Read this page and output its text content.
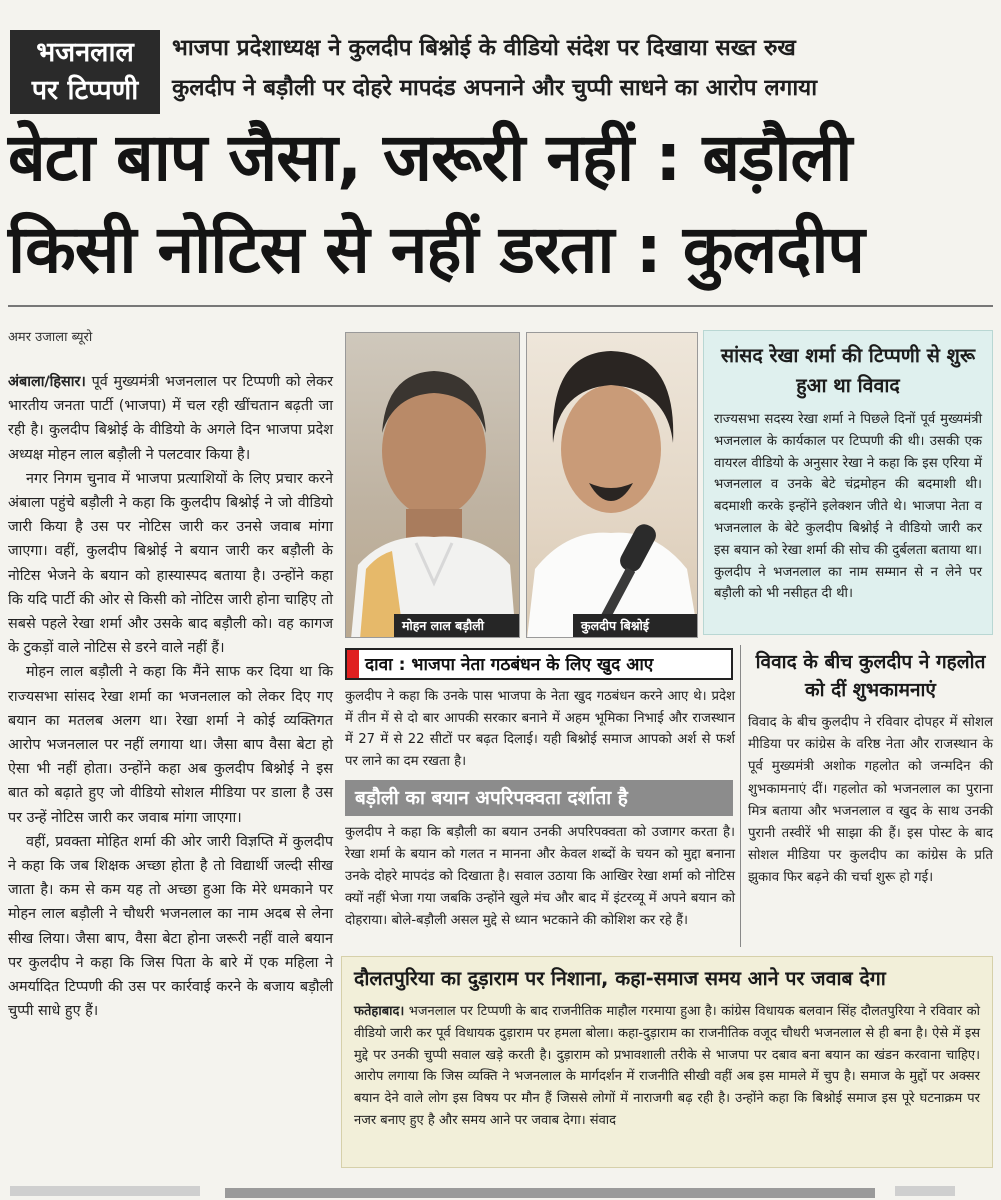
भजनलाल
पर टिप्पणी
भाजपा प्रदेशाध्यक्ष ने कुलदीप बिश्नोई के वीडियो संदेश पर दिखाया सख्त रुख
कुलदीप ने बड़ौली पर दोहरे मापदंड अपनाने और चुप्पी साधने का आरोप लगाया
बेटा बाप जैसा, जरूरी नहीं : बड़ौली
किसी नोटिस से नहीं डरता : कुलदीप
अमर उजाला ब्यूरो

अंबाला/हिसार। पूर्व मुख्यमंत्री भजनलाल पर टिप्पणी को लेकर भारतीय जनता पार्टी (भाजपा) में चल रही खींचतान बढ़ती जा रही है। कुलदीप बिश्नोई के वीडियो के अगले दिन भाजपा प्रदेश अध्यक्ष मोहन लाल बड़ौली ने पलटवार किया है।

नगर निगम चुनाव में भाजपा प्रत्याशियों के लिए प्रचार करने अंबाला पहुंचे बड़ौली ने कहा कि कुलदीप बिश्नोई ने जो वीडियो जारी किया है उस पर नोटिस जारी कर उनसे जवाब मांगा जाएगा। वहीं, कुलदीप बिश्नोई ने बयान जारी कर बड़ौली के नोटिस भेजने के बयान को हास्यास्पद बताया है। उन्होंने कहा कि यदि पार्टी की ओर से किसी को नोटिस जारी होना चाहिए तो सबसे पहले रेखा शर्मा और उसके बाद बड़ौली को। वह कागज के टुकड़ों वाले नोटिस से डरने वाले नहीं हैं।

मोहन लाल बड़ौली ने कहा कि मैंने साफ कर दिया था कि राज्यसभा सांसद रेखा शर्मा का भजनलाल को लेकर दिए गए बयान का मतलब अलग था। रेखा शर्मा ने कोई व्यक्तिगत आरोप भजनलाल पर नहीं लगाया था। जैसा बाप वैसा बेटा हो ऐसा भी नहीं होता। उन्होंने कहा अब कुलदीप बिश्नोई ने इस बात को बढ़ाते हुए जो वीडियो सोशल मीडिया पर डाला है उस पर उन्हें नोटिस जारी कर जवाब मांगा जाएगा।

वहीं, प्रवक्ता मोहित शर्मा की ओर जारी विज्ञप्ति में कुलदीप ने कहा कि जब शिक्षक अच्छा होता है तो विद्यार्थी जल्दी सीख जाता है। कम से कम यह तो अच्छा हुआ कि मेरे धमकाने पर मोहन लाल बड़ौली ने चौधरी भजनलाल का नाम अदब से लेना सीख लिया। जैसा बाप, वैसा बेटा होना जरूरी नहीं वाले बयान पर कुलदीप ने कहा कि जिस पिता के बारे में एक महिला ने अमर्यादित टिप्पणी की उस पर कार्रवाई करने के बजाय बड़ौली चुप्पी साधे हुए हैं।

मोहन लाल बड़ौली	कुलदीप बिश्नोई
सांसद रेखा शर्मा की टिप्पणी से शुरू हुआ था विवाद
राज्यसभा सदस्य रेखा शर्मा ने पिछले दिनों पूर्व मुख्यमंत्री भजनलाल के कार्यकाल पर टिप्पणी की थी। उसकी एक वायरल वीडियो के अनुसार रेखा ने कहा कि इस एरिया में भजनलाल व उनके बेटे चंद्रमोहन की बदमाशी थी। बदमाशी करके इन्होंने इलेक्शन जीते थे। भाजपा नेता व भजनलाल के बेटे कुलदीप बिश्नोई ने वीडियो जारी कर इस बयान को रेखा शर्मा की सोच की दुर्बलता बताया था। कुलदीप ने भजनलाल का नाम सम्मान से न लेने पर बड़ौली को भी नसीहत दी थी।
दावा : भाजपा नेता गठबंधन के लिए खुद आए
कुलदीप ने कहा कि उनके पास भाजपा के नेता खुद गठबंधन करने आए थे। प्रदेश में तीन में से दो बार आपकी सरकार बनाने में अहम भूमिका निभाई और राजस्थान में 27 में से 22 सीटों पर बढ़त दिलाई। यही बिश्नोई समाज आपको अर्श से फर्श पर लाने का दम रखता है।
बड़ौली का बयान अपरिपक्वता दर्शाता है
कुलदीप ने कहा कि बड़ौली का बयान उनकी अपरिपक्वता को उजागर करता है। रेखा शर्मा के बयान को गलत न मानना और केवल शब्दों के चयन को मुद्दा बनाना उनके दोहरे मापदंड को दिखाता है। सवाल उठाया कि आखिर रेखा शर्मा को नोटिस क्यों नहीं भेजा गया जबकि उन्होंने खुले मंच और बाद में इंटरव्यू में अपने बयान को दोहराया। बोले-बड़ौली असल मुद्दे से ध्यान भटकाने की कोशिश कर रहे हैं।
विवाद के बीच कुलदीप ने गहलोत को दीं शुभकामनाएं
विवाद के बीच कुलदीप ने रविवार दोपहर में सोशल मीडिया पर कांग्रेस के वरिष्ठ नेता और राजस्थान के पूर्व मुख्यमंत्री अशोक गहलोत को जन्मदिन की शुभकामनाएं दीं। गहलोत को भजनलाल का पुराना मित्र बताया और भजनलाल व खुद के साथ उनकी पुरानी तस्वीरें भी साझा की हैं। इस पोस्ट के बाद सोशल मीडिया पर कुलदीप का कांग्रेस के प्रति झुकाव फिर बढ़ने की चर्चा शुरू हो गई।
दौलतपुरिया का दुड़ाराम पर निशाना, कहा-समाज समय आने पर जवाब देगा
फतेहाबाद। भजनलाल पर टिप्पणी के बाद राजनीतिक माहौल गरमाया हुआ है। कांग्रेस विधायक बलवान सिंह दौलतपुरिया ने रविवार को वीडियो जारी कर पूर्व विधायक दुड़ाराम पर हमला बोला। कहा-दुड़ाराम का राजनीतिक वजूद चौधरी भजनलाल से ही बना है। ऐसे में इस मुद्दे पर उनकी चुप्पी सवाल खड़े करती है। दुड़ाराम को प्रभावशाली तरीके से भाजपा पर दबाव बना बयान का खंडन करवाना चाहिए। आरोप लगाया कि जिस व्यक्ति ने भजनलाल के मार्गदर्शन में राजनीति सीखी वहीं अब इस मामले में चुप है। समाज के मुद्दों पर अक्सर बयान देने वाले लोग इस विषय पर मौन हैं जिससे लोगों में नाराजगी बढ़ रही है। उन्होंने कहा कि बिश्नोई समाज इस पूरे घटनाक्रम पर नजर बनाए हुए है और समय आने पर जवाब देगा। संवाद
